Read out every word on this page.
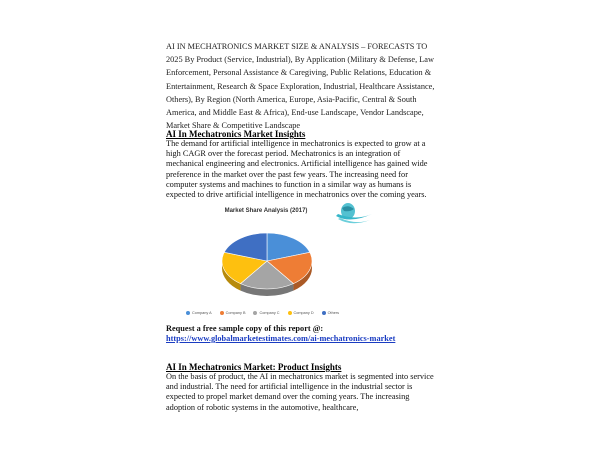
AI IN MECHATRONICS MARKET SIZE & ANALYSIS – FORECASTS TO 2025 By Product (Service, Industrial), By Application (Military & Defense, Law Enforcement, Personal Assistance & Caregiving, Public Relations, Education & Entertainment, Research & Space Exploration, Industrial, Healthcare Assistance, Others), By Region (North America, Europe, Asia-Pacific, Central & South America, and Middle East & Africa), End-use Landscape, Vendor Landscape, Market Share & Competitive Landscape
AI In Mechatronics Market Insights
The demand for artificial intelligence in mechatronics is expected to grow at a high CAGR over the forecast period. Mechatronics is an integration of mechanical engineering and electronics. Artificial intelligence has gained wide preference in the market over the past few years. The increasing need for computer systems and machines to function in a similar way as humans is expected to drive artificial intelligence in mechatronics over the coming years.
Market Share Analysis (2017)
Company A	Company B	Company C	Company D	Others
Request a free sample copy of this report @:
https://www.globalmarketestimates.com/ai-mechatronics-market
AI In Mechatronics Market: Product Insights
On the basis of product, the AI in mechatronics market is segmented into service and industrial. The need for artificial intelligence in the industrial sector is expected to propel market demand over the coming years. The increasing adoption of robotic systems in the automotive, healthcare,
